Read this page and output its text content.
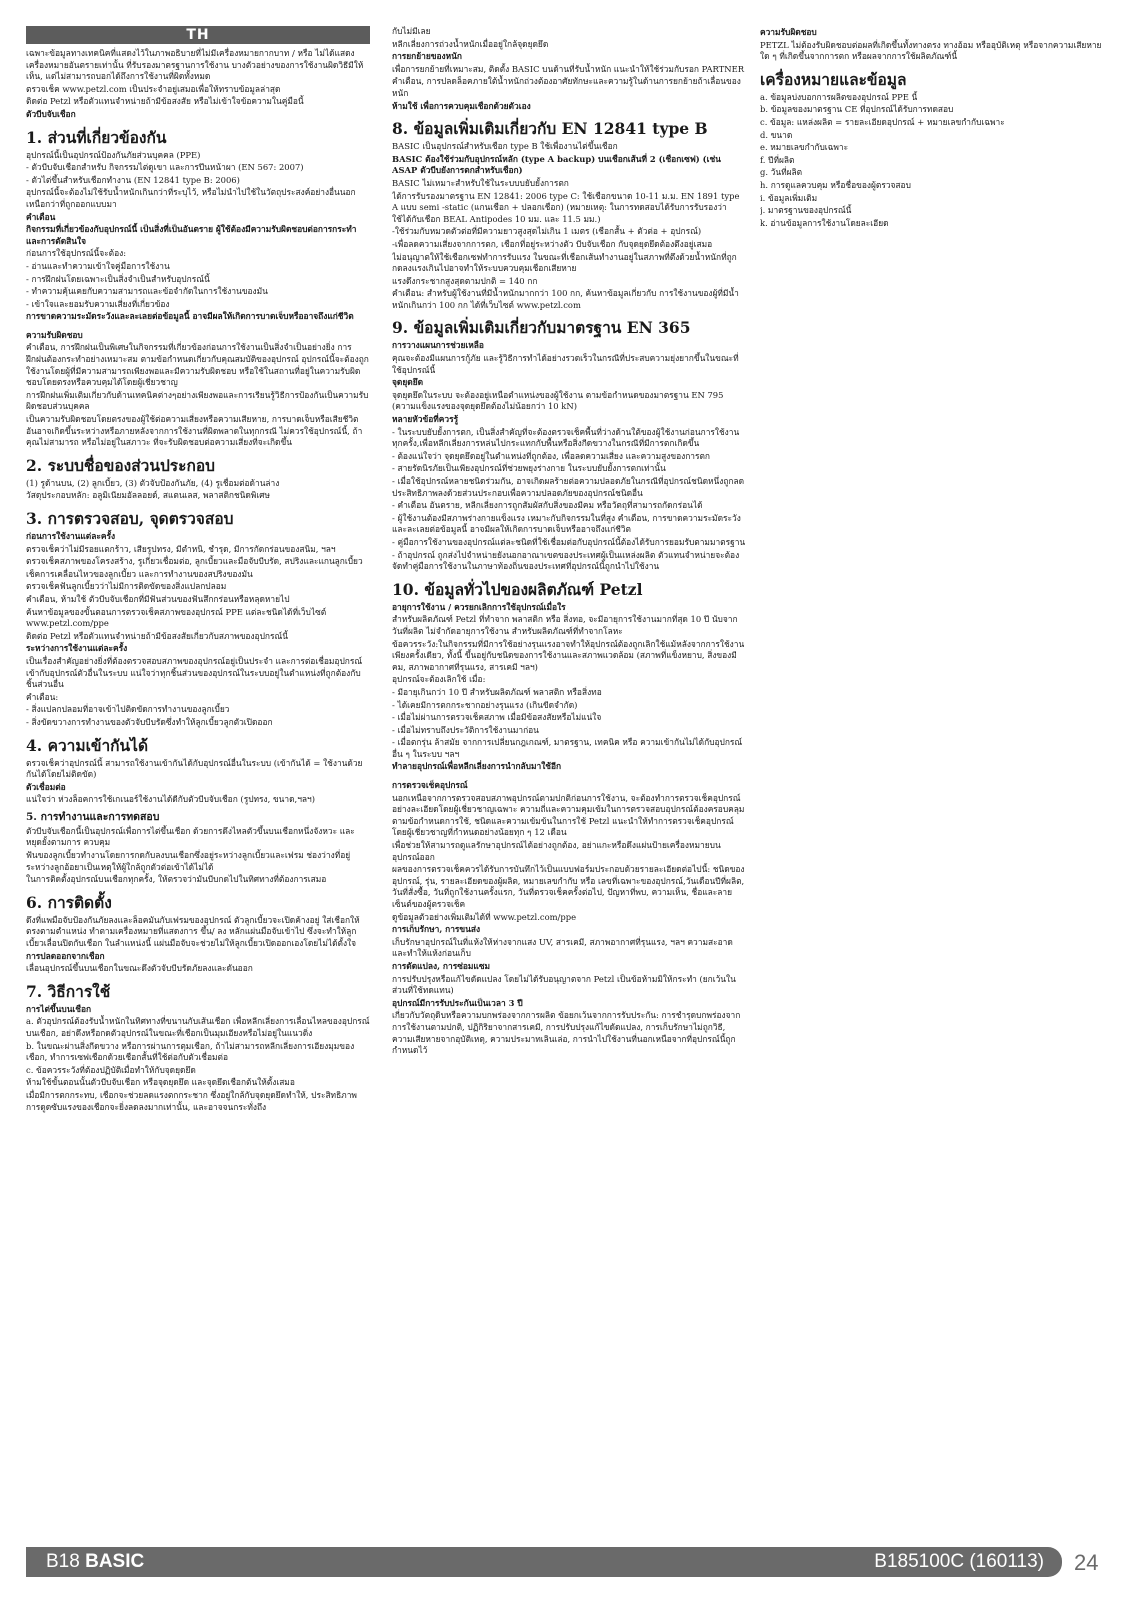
TH
เฉพาะข้อมูลทางเทคนิคที่แสดงไว้ในภาพอธิบายที่ไม่มีเครื่องหมายกากบาท / หรือ ไม่ได้แสดงเครื่องหมายอันตรายเท่านั้น ที่รับรองมาตรฐานการใช้งาน บางตัวอย่างของการใช้งานผิดวิธีมีให้เห็น, แต่ไม่สามารถบอกได้ถึงการใช้งานที่ผิดทั้งหมด
ตรวจเช็ค www.petzl.com เป็นประจำอยู่เสมอเพื่อให้ทราบข้อมูลล่าสุด
ติดต่อ Petzl หรือตัวแทนจำหน่ายถ้ามีข้อสงสัย หรือไม่เข้าใจข้อความในคู่มือนี้
ตัวบีบจับเชือก
1. ส่วนที่เกี่ยวข้องกัน
อุปกรณ์นี้เป็นอุปกรณ์ป้องกันภัยส่วนบุคคล (PPE)
- ตัวบีบจับเชือกสำหรับ กิจกรรมไต่ดูเขา และการปีนหน้าผา (EN 567: 2007)
- ตัวไต่ขึ้นสำหรับเชือกทำงาน (EN 12841 type B: 2006)
อุปกรณ์นี้จะต้องไม่ใช้รับน้ำหนักเกินกว่าที่ระบุไว้, หรือไม่นำไปใช้ในวัตถุประสงค์อย่างอื่นนอกเหนือกว่าที่ถูกออกแบบมา
คำเตือน
กิจกรรมที่เกี่ยวข้องกับอุปกรณ์นี้ เป็นสิ่งที่เป็นอันตราย ผู้ใช้ต้องมีความรับผิดชอบต่อการกระทำและการตัดสินใจ
ก่อนการใช้อุปกรณ์นี้จะต้อง:
- อ่านและทำความเข้าใจคู่มือการใช้งาน
- การฝึกฝนโดยเฉพาะเป็นสิ่งจำเป็นสำหรับอุปกรณ์นี้
- ทำความคุ้นเคยกับความสามารถและข้อจำกัดในการใช้งานของมัน
- เข้าใจและยอมรับความเสี่ยงที่เกี่ยวข้อง
การขาดความระมัดระวังและละเลยต่อข้อมูลนี้ อาจมีผลให้เกิดการบาดเจ็บหรืออาจถึงแก่ชีวิต
ความรับผิดชอบ
คำเตือน, การฝึกฝนเป็นพิเศษในกิจกรรมที่เกี่ยวข้องก่อนการใช้งานเป็นสิ่งจำเป็นอย่างยิ่ง การฝึกฝนต้องกระทำอย่างเหมาะสม ตามข้อกำหนดเกี่ยวกับคุณสมบัติของอุปกรณ์ อุปกรณ์นี้จะต้องถูกใช้งานโดยผู้ที่มีความสามารถเพียงพอและมีความรับผิดชอบ หรือใช้ในสถานที่อยู่ในความรับผิดชอบโดยตรงหรือควบคุมได้โดยผู้เชี่ยวชาญ
การฝึกฝนเพิ่มเติมเกี่ยวกับด้านเทคนิคต่างๆอย่างเพียงพอและการเรียนรู้วิธีการป้องกันเป็นความรับผิดชอบส่วนบุคคล
เป็นความรับผิดชอบโดยตรงของผู้ใช้ต่อความเสี่ยงหรือความเสียหาย, การบาดเจ็บหรือเสียชีวิต อันอาจเกิดขึ้นระหว่างหรือภายหลังจากการใช้งานที่ผิดพลาดในทุกกรณี ไม่ควรใช้อุปกรณ์นี้, ถ้าคุณไม่สามารถ หรือไม่อยู่ในสภาวะ ที่จะรับผิดชอบต่อความเสี่ยงที่จะเกิดขึ้น
2. ระบบชื่อของส่วนประกอบ
(1) รูด้านบน, (2) ลูกเบี้ยว, (3) ตัวจับป้องกันภัย, (4) รูเชื่อมต่อด้านล่าง
วัสดุประกอบหลัก: อลูมิเนียมอัลลอยด์, สแตนเลส, พลาสติกชนิดพิเศษ
3. การตรวจสอบ, จุดตรวจสอบ
ก่อนการใช้งานแต่ละครั้ง
ตรวจเช็คว่าไม่มีรอยแตกร้าว, เสียรูปทรง, มีตำหนิ, ชำรุด, มีการกัดกร่อนของสนิม, ฯลฯ
ตรวจเช็คสภาพของโครงสร้าง, รูเกี่ยวเชื่อมต่อ, ลูกเบี้ยวและมือจับบีบรัด, สปริงและแกนลูกเบี้ยว
เช็คการเคลื่อนไหวของลูกเบี้ยว และการทำงานของสปริงของมัน
ตรวจเช็คฟันลูกเบี้ยวว่าไม่มีการติดขัดของสิ่งแปลกปลอม
คำเตือน, ห้ามใช้ ตัวบีบจับเชือกที่มีฟันส่วนของฟันสึกกร่อนหรือหลุดหายไป
ค้นหาข้อมูลของขั้นตอนการตรวจเช็คสภาพของอุปกรณ์ PPE แต่ละชนิดได้ที่เว็บไซต์ www.petzl.com/ppe
ติดต่อ Petzl หรือตัวแทนจำหน่ายถ้ามีข้อสงสัยเกี่ยวกับสภาพของอุปกรณ์นี้
ระหว่างการใช้งานแต่ละครั้ง
เป็นเรื่องสำคัญอย่างยิ่งที่ต้องตรวจสอบสภาพของอุปกรณ์อยู่เป็นประจำ และการต่อเชื่อมอุปกรณ์เข้ากับอุปกรณ์ตัวอื่นในระบบ แน่ใจว่าทุกชิ้นส่วนของอุปกรณ์ในระบบอยู่ในตำแหน่งที่ถูกต้องกับชิ้นส่วนอื่น
คำเตือน:
- สิ่งแปลกปลอมที่อาจเข้าไปติดขัดการทำงานของลูกเบี้ยว
- สิ่งขัดขวางการทำงานของตัวจับบีบรัดซึ่งทำให้ลูกเบี้ยวลูกตัวเปิดออก
4. ความเข้ากันได้
ตรวจเช็คว่าอุปกรณ์นี้ สามารถใช้งานเข้ากันได้กับอุปกรณ์อื่นในระบบ (เข้ากันได้ = ใช้งานด้วยกันได้โดยไม่ติดขัด)
ตัวเชื่อมต่อ
แน่ใจว่า ห่วงล็อคการใช้เกเนอร์ใช้งานได้ดีกับตัวบีบจับเชือก (รูปทรง, ขนาด,ฯลฯ)
5. การทำงานและการทดสอบ
ตัวบีบจับเชือกนี้เป็นอุปกรณ์เพื่อการไต่ขึ้นเชือก ด้วยการดึงไหลตัวขึ้นบนเชือกหนึ่งจังหวะ และหยุดยั้งตามการ ควบคุม
ฟันของลูกเบี้ยวทำงานโดยการกดกับลงบนเชือกซึ่งอยู่ระหว่างลูกเบี้ยวและเฟรม ช่องว่างที่อยู่ระหว่างลูกอ้อยาเป็นเหตุให้ผู้ใกล้ถูกตัวต่อเข้าได้ไม่ได้
ในการติดตั้งอุปกรณ์บนเชือกทุกครั้ง, ให้ตรวจว่ามันบีบกดไปในทิศทางที่ต้องการเสมอ
6. การติดตั้ง
ดึงที่แพมือจับป้องกันภัยลงและล็อคมันกับเฟรมของอุปกรณ์ ตัวลูกเบี้ยวจะเปิดค้างอยู่ ใส่เชือกให้ตรงตามตำแหน่ง ทำตามเครื่องหมายที่แสดงการ ขึ้น/ ลง หลักแผ่นมือจับเข้าไป ซึ่งจะทำให้ลูกเบี้ยวเลื่อนปิดกับเชือก ในลำแหน่งนี้ แผ่นมือจับจะช่วยไม่ให้ลูกเบี้ยวเปิดออกเองโดยไม่ได้ตั้งใจ
การปลดออกจากเชือก
เลื่อนอุปกรณ์ขึ้นบนเชือกในขณะดึงตัวจับบีบรัดภัยลงและดันออก
7. วิธีการใช้
การไต่ขึ้นบนเชือก
a. ตัวอุปกรณ์ต้องรับน้ำหนักในทิศทางที่ขนานกับเส้นเชือก เพื่อหลีกเลี่ยงการเลื่อนไหลของอุปกรณ์บนเชือก, อย่าดึงหรือกดตัวอุปกรณ์ในขณะที่เชือกเป็นมุมเอียงหรือไม่อยู่ในแนวดิ่ง
b. ในขณะผ่านสิ่งกีดขวาง หรือการผ่านการตุมเชือก, ถ้าไม่สามารถหลีกเลี่ยงการเอียงมุมของเชือก, ทำการเซฟเชือกด้วยเชือกสั้นที่ใช้ต่อกับตัวเชื่อมต่อ
c. ข้อควรระวังที่ต้องปฏิบัติเมื่อทำให้กับจุดยุดยึด
ห้ามใช้ขั้นตอนนั้นตัวบีบจับเชือก หรือจุดยุดยึด และจุดยึดเชือกต้นให้ตั้งเสมอ
เมื่อมีการตกกระทบ, เชือกจะช่วยลดแรงตกกระชาก ซึ่งอยู่ใกล้กับจุดยุดยึดทำให้, ประสิทธิภาพการดูดซับแรงของเชือกจะยิ่งลดลงมากเท่านั้น, และอาจจนกระทั่งถึง
กับไม่มีเลย
หลีกเลี่ยงการถ่วงน้ำหนักเมื่ออยู่ใกล้จุดยุดยึด
การยกย้ายของหนัก
เพื่อการยกย้ายที่เหมาะสม, ติดตั้ง BASIC บนด้านที่รับน้ำหนัก แนะนำให้ใช้ร่วมกับรอก PARTNER
คำเตือน, การปลดล็อคภายใต้น้ำหนักถ่วงต้องอาศัยทักษะและความรู้ในด้านการยกย้ายถ้าเลื่อนของหนัก
ห้ามใช้ เพื่อการควบคุมเชือกด้วยตัวเอง
8. ข้อมูลเพิ่มเติมเกี่ยวกับ EN 12841 type B
BASIC เป็นอุปกรณ์สำหรับเชือก type B ใช้เพื่องานไต่ขึ้นเชือก
BASIC ต้องใช้ร่วมกับอุปกรณ์หลัก (type A backup) บนเชือกเส้นที่ 2 (เชือกเซฟ) (เช่น ASAP ตัวบีบยังการตกสำหรับเชือก)
BASIC ไม่เหมาะสำหรับใช้ในระบบบยับยั้งการตก
ได้การรับรองมาตรฐาน EN 12841: 2006 type C: ใช้เชือกขนาด 10-11 ม.ม. EN 1891 type A แบบ semi -static (แกนเชือก + ปลอกเชือก) (หมายเหตุ: ในการทดสอบได้รับการรับรองว่าใช้ได้กับเชือก BEAL Antipodes 10 มม. และ 11.5 มม.)
-ใช้ร่วมกับหมวดตัวต่อที่มีความยาวสูงสุดไม่เกิน 1 เมตร (เชือกสั้น + ตัวต่อ + อุปกรณ์)
-เพื่อลดความเสี่ยงจากการตก, เชือกที่อยู่ระหว่างตัว บีบจับเชือก กับจุดยุดยึดต้องตึงอยู่เสมอ
ไม่อนุญาตให้ใช้เชือกเซฟทำการรับแรง ในขณะที่เชือกเส้นทำงานอยู่ในสภาพที่ตึงด้วยน้ำหนักที่ถูกกดลงแรงเกินไปอาจทำให้ระบบควบคุมเชือกเสียหาย
แรงดึงกระชากสูงสุดตามปกติ = 140 กก
คำเตือน: สำหรับผู้ใช้งานที่มีน้ำหนักมากกว่า 100 กก, ค้นหาข้อมูลเกี่ยวกับ การใช้งานของผู้ที่มีน้ำหนักเกินกว่า 100 กก ได้ที่เว็บไซต์ www.petzl.com
9. ข้อมูลเพิ่มเติมเกี่ยวกับมาตรฐาน EN 365
การวางแผนการช่วยเหลือ
คุณจะต้องมีแผนการกู้ภัย และรู้วิธีการทำได้อย่างรวดเร็วในกรณีที่ประสบความยุ่งยากขึ้นในขณะที่ใช้อุปกรณ์นี้
จุดยุดยึด
จุดยุดยึดในระบบ จะต้องอยู่เหนือตำแหน่งของผู้ใช้งาน ตามข้อกำหนดของมาตรฐาน EN 795 (ความแข็งแรงของจุดยุดยึดต้องไม่น้อยกว่า 10 kN)
หลายหัวข้อที่ควรรู้
- ในระบบยับยั้งการตก, เป็นสิ่งสำคัญที่จะต้องตรวจเช็คพื้นที่ว่างด้านใต้ของผู้ใช้งานก่อนการใช้งานทุกครั้ง,เพื่อหลีกเลี่ยงการหล่นไปกระแทกกับพื้นหรือสิ่งกีดขวางในกรณีที่มีการตกเกิดขึ้น
- ต้องแน่ใจว่า จุดยุดยึดอยู่ในตำแหน่งที่ถูกต้อง, เพื่อลดความเสี่ยง และความสูงของการตก
- สายรัดนิรภัยเป็นเพียงอุปกรณ์ที่ช่วยพยุงร่างกาย ในระบบยับยั้งการตกเท่านั้น
- เมื่อใช้อุปกรณ์หลายชนิดร่วมกัน, อาจเกิดผลร้ายต่อความปลอดภัยในกรณีที่อุปกรณ์ชนิดหนึ่งถูกลดประสิทธิภาพลงด้วยส่วนประกอบเพื่อความปลอดภัยของอุปกรณ์ชนิดอื่น
- คำเตือน อันตราย, หลีกเลี่ยงการถูกสัมผัสกับสิ่งของมีคม หรือวัตถุที่สามารถกัดกร่อนได้
- ผู้ใช้งานต้องมีสภาพร่างกายแข็งแรง เหมาะกับกิจกรรมในที่สูง คำเตือน, การขาดความระมัดระวังและละเลยต่อข้อมูลนี้ อาจมีผลให้เกิดการบาดเจ็บหรืออาจถึงแก่ชีวิต
- คู่มือการใช้งานของอุปกรณ์แต่ละชนิดที่ใช้เชื่อมต่อกับอุปกรณ์นี้ต้องได้รับการยอมรับตามมาตรฐาน
- ถ้าอุปกรณ์ ถูกส่งไปจำหน่ายยังนอกอาณาเขตของประเทศผู้เป็นแหล่งผลิต ตัวแทนจำหน่ายจะต้องจัดทำคู่มือการใช้งานในภาษาท้องถิ่นของประเทศที่อุปกรณ์นี้ถูกนำไปใช้งาน
10. ข้อมูลทั่วไปของผลิตภัณฑ์ Petzl
อายุการใช้งาน / ควรยกเลิกการใช้อุปกรณ์เมื่อใร
สำหรับผลิตภัณฑ์ Petzl ที่ทำจาก พลาสติก หรือ สิ่งทอ, จะมีอายุการใช้งานมากที่สุด 10 ปี นับจากวันที่ผลิต ไม่จำกัดอายุการใช้งาน สำหรับผลิตภัณฑ์ที่ทำจากโลหะ
ข้อควรระวัง:ในกิจกรรมที่มีการใช้อย่างรุนแรงอาจทำให้อุปกรณ์ต้องถูกเลิกใช้แม้หลังจากการใช้งานเพียงครั้งเดียว, ทั้งนี้ ขึ้นอยู่กับชนิดของการใช้งานและสภาพแวดล้อม (สภาพที่แข็งหยาบ, สิ่งของมีคม, สภาพอากาศที่รุนแรง, สารเคมี ฯลฯ)
อุปกรณ์จะต้องเลิกใช้ เมื่อ:
- มีอายุเกินกว่า 10 ปี สำหรับผลิตภัณฑ์ พลาสติก หรือสิ่งทอ
- ได้เคยมีการตกกระชากอย่างรุนแรง (เกินขีดจำกัด)
- เมื่อไม่ผ่านการตรวจเช็คสภาพ เมื่อมีข้อสงสัยหรือไม่แน่ใจ
- เมื่อไม่ทราบถึงประวัติการใช้งานมาก่อน
- เมื่อตกรุ่น ล้าสมัย จากการเปลี่ยนกฎเกณฑ์, มาตรฐาน, เทคนิค หรือ ความเข้ากันไม่ได้กับอุปกรณ์อื่น ๆ ในระบบ ฯลฯ
ทำลายอุปกรณ์เพื่อหลีกเลี่ยงการนำกลับมาใช้อีก
การตรวจเช็คอุปกรณ์
นอกเหนือจากการตรวจสอบสภาพอุปกรณ์ตามปกติก่อนการใช้งาน, จะต้องทำการตรวจเช็คอุปกรณ์อย่างละเอียดโดยผู้เชี่ยวชาญเฉพาะ ความถี่และความคุมเข้มในการตรวจสอบอุปกรณ์ต้องครอบคลุมตามข้อกำหนดการใช้, ชนิดและความเข้มข้นในการใช้ Petzl แนะนำให้ทำการตรวจเช็คอุปกรณ์โดยผู้เชี่ยวชาญที่กำหนดอย่างน้อยทุก ๆ 12 เดือน
เพื่อช่วยให้สามารถดูแลรักษาอุปกรณ์ได้อย่างถูกต้อง, อย่าแกะหรือดึงแผ่นป้ายเครื่องหมายบนอุปกรณ์ออก
ผลของการตรวจเช็คควรได้รับการบันทึกไว้เป็นแบบฟอร์มประกอบด้วยรายละเอียดต่อไปนี้: ชนิดของอุปกรณ์, รุ่น, รายละเอียดของผู้ผลิต, หมายเลขกำกับ หรือ เลขที่เฉพาะของอุปกรณ์,วันเดือนปีที่ผลิต, วันที่สั่งซื้อ, วันที่ถูกใช้งานครั้งแรก, วันที่ตรวจเช็คครั้งต่อไป, ปัญหาที่พบ, ความเห็น, ชื่อและลายเซ็นต์ของผู้ตรวจเช็ค
ดูข้อมูลตัวอย่างเพิ่มเติมได้ที่ www.petzl.com/ppe
การเก็บรักษา, การขนส่ง
เก็บรักษาอุปกรณ์ในที่แห้งให้ห่างจากแสง UV, สารเคมี, สภาพอากาศที่รุนแรง, ฯลฯ ความสะอาดและทำให้แห้งก่อนเก็บ
การดัดแปลง, การซ่อมแซม
การปรับปรุงหรือแก้ไขดัดแปลง โดยไม่ได้รับอนุญาตจาก Petzl เป็นข้อห้ามมิให้กระทำ (ยกเว้นในส่วนที่ใช้ทดแทน)
อุปกรณ์มีการรับประกันเป็นเวลา 3 ปี
เกี่ยวกับวัตถุดิบหรือความบกพร่องจากการผลิต ข้อยกเว้นจากการรับประกัน: การชำรุดบกพร่องจากการใช้งานตามปกติ, ปฏิกิริยาจากสารเคมี, การปรับปรุงแก้ไขดัดแปลง, การเก็บรักษาไม่ถูกวิธี, ความเสียหายจากอุบัติเหตุ, ความประมาทเลินเล่อ, การนำไปใช้งานที่นอกเหนือจากที่อุปกรณ์นี้ถูกกำหนดไว้
ความรับผิดชอบ
PETZL ไม่ต้องรับผิดชอบต่อผลที่เกิดขึ้นทั้งทางตรง ทางอ้อม หรืออุบัติเหตุ หรือจากความเสียหายใด ๆ ที่เกิดขึ้นจากการตก หรือผลจากการใช้ผลิตภัณฑ์นี้
เครื่องหมายและข้อมูล
a. ข้อมูลบ่งบอกการผลิตของอุปกรณ์ PPE นี้
b. ข้อมูลของมาตรฐาน CE ที่อุปกรณ์ได้รับการทดสอบ
c. ข้อมูล: แหล่งผลิต = รายละเอียดอุปกรณ์ + หมายเลขกำกับเฉพาะ
d. ขนาด
e. หมายเลขกำกับเฉพาะ
f. ปีที่ผลิต
g. วันที่ผลิต
h. การดูแลควบคุม หรือชื่อของผู้ตรวจสอบ
i. ข้อมูลเพิ่มเติม
j. มาตรฐานของอุปกรณ์นี้
k. อ่านข้อมูลการใช้งานโดยละเอียด
B18 BASIC	B185100C (160113) 24
